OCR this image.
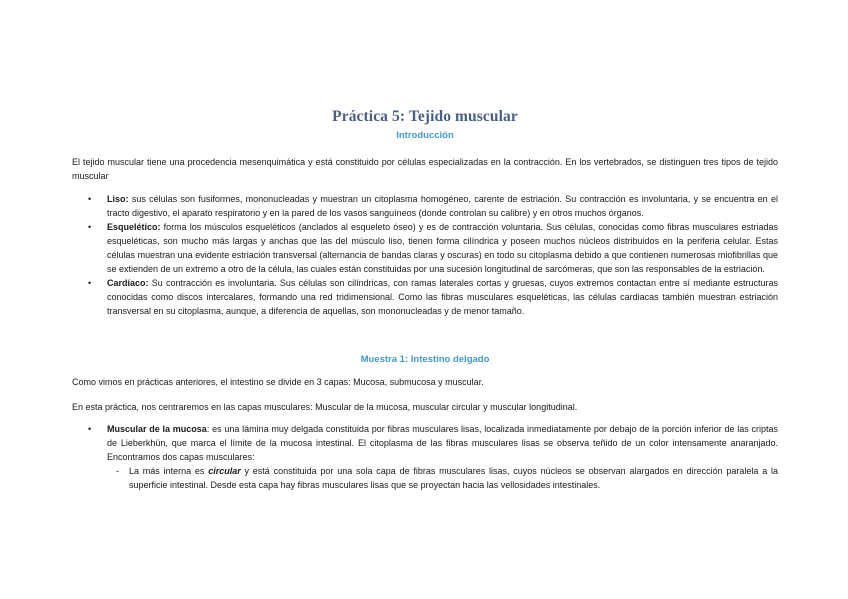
Práctica 5: Tejido muscular
Introducción

El tejido muscular tiene una procedencia mesenquimática y está constituido por células especializadas en la contracción. En los vertebrados, se distinguen tres tipos de tejido muscular

• Liso: sus células son fusiformes, mononucleadas y muestran un citoplasma homogéneo, carente de estriación. Su contracción es involuntaria, y se encuentra en el tracto digestivo, el aparato respiratorio y en la pared de los vasos sanguíneos (donde controlan su calibre) y en otros muchos órganos.
• Esquelético: forma los músculos esqueléticos (anclados al esqueleto óseo) y es de contracción voluntaria. Sus células, conocidas como fibras musculares estriadas esqueléticas, son mucho más largas y anchas que las del músculo liso, tienen forma cilíndrica y poseen muchos núcleos distribuidos en la periferia celular. Estas células muestran una evidente estriación transversal (alternancia de bandas claras y oscuras) en todo su citoplasma debido a que contienen numerosas miofibrillas que se extienden de un extremo a otro de la célula, las cuales están constituidas por una sucesión longitudinal de sarcómeras, que son las responsables de la estriación.
• Cardíaco: Su contracción es involuntaria. Sus células son cilíndricas, con ramas laterales cortas y gruesas, cuyos extremos contactan entre sí mediante estructuras conocidas como discos intercalares, formando una red tridimensional. Como las fibras musculares esqueléticas, las células cardiacas también muestran estriación transversal en su citoplasma, aunque, a diferencia de aquellas, son mononucleadas y de menor tamaño.
Muestra 1: Intestino delgado

Como vimos en prácticas anteriores, el intestino se divide en 3 capas: Mucosa, submucosa y muscular.

En esta práctica, nos centraremos en las capas musculares: Muscular de la mucosa, muscular circular y muscular longitudinal.

• Muscular de la mucosa: es una lámina muy delgada constituida por fibras musculares lisas, localizada inmediatamente por debajo de la porción inferior de las criptas de Lieberkhün, que marca el límite de la mucosa intestinal. El citoplasma de las fibras musculares lisas se observa teñido de un color intensamente anaranjado. Encontramos dos capas musculares:
- La más interna es circular y está constituida por una sola capa de fibras musculares lisas, cuyos núcleos se observan alargados en dirección paralela a la superficie intestinal. Desde esta capa hay fibras musculares lisas que se proyectan hacia las vellosidades intestinales.
